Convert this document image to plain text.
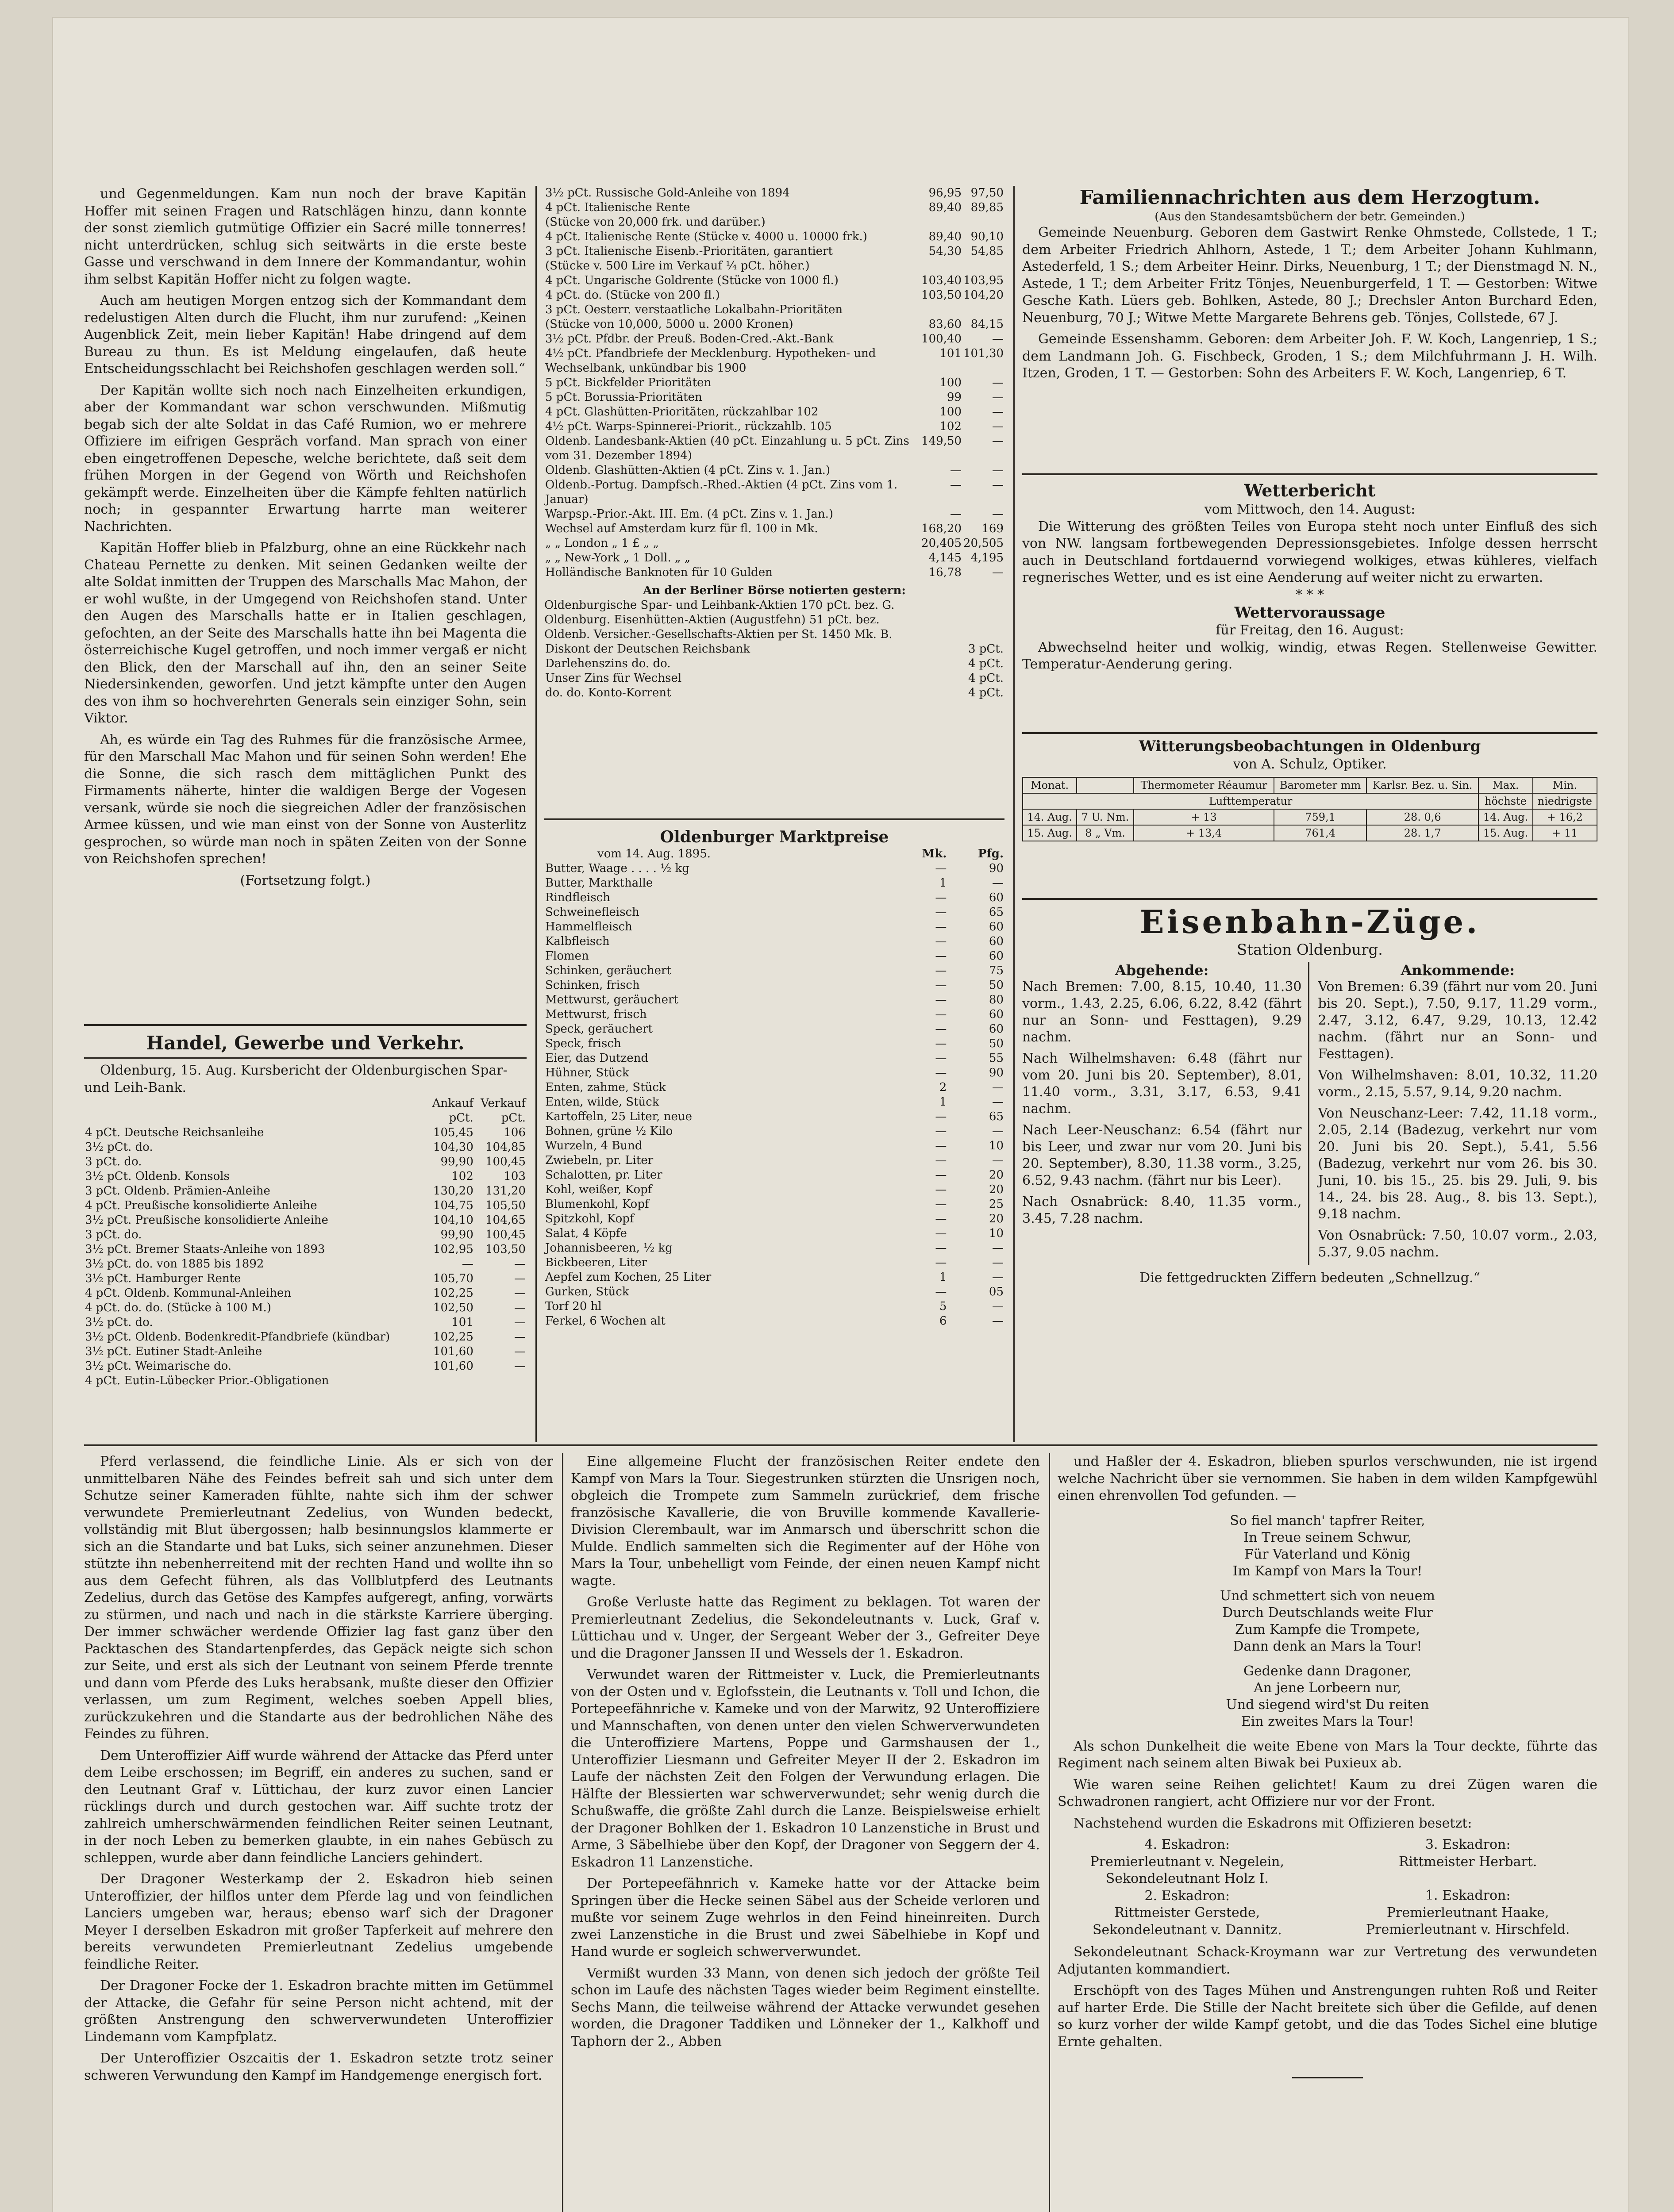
und Gegenmeldungen. Kam nun noch der brave Kapitän Hoffer mit seinen Fragen und Ratschlägen hinzu, dann konnte der sonst ziemlich gutmütige Offizier ein Sacré mille tonnerres! nicht unterdrücken, schlug sich seitwärts in die erste beste Gasse und verschwand in dem Innere der Kommandantur, wohin ihm selbst Kapitän Hoffer nicht zu folgen wagte.

Auch am heutigen Morgen entzog sich der Kommandant dem redelustigen Alten durch die Flucht, ihm nur zurufend: „Keinen Augenblick Zeit, mein lieber Kapitän! Habe dringend auf dem Bureau zu thun. Es ist Meldung eingelaufen, daß heute Entscheidungsschlacht bei Reichshofen geschlagen werden soll.“

Der Kapitän wollte sich noch nach Einzelheiten erkundigen, aber der Kommandant war schon verschwunden. Mißmutig begab sich der alte Soldat in das Café Rumion, wo er mehrere Offiziere im eifrigen Gespräch vorfand. Man sprach von einer eben eingetroffenen Depesche, welche berichtete, daß seit dem frühen Morgen in der Gegend von Wörth und Reichshofen gekämpft werde. Einzelheiten über die Kämpfe fehlten natürlich noch; in gespannter Erwartung harrte man weiterer Nachrichten.

Kapitän Hoffer blieb in Pfalzburg, ohne an eine Rückkehr nach Chateau Pernette zu denken. Mit seinen Gedanken weilte der alte Soldat inmitten der Truppen des Marschalls Mac Mahon, der er wohl wußte, in der Umgegend von Reichshofen stand. Unter den Augen des Marschalls hatte er in Italien geschlagen, gefochten, an der Seite des Marschalls hatte ihn bei Magenta die österreichische Kugel getroffen, und noch immer vergaß er nicht den Blick, den der Marschall auf ihn, den an seiner Seite Niedersinkenden, geworfen. Und jetzt kämpfte unter den Augen des von ihm so hochverehrten Generals sein einziger Sohn, sein Viktor.

Ah, es würde ein Tag des Ruhmes für die französische Armee, für den Marschall Mac Mahon und für seinen Sohn werden! Ehe die Sonne, die sich rasch dem mittäglichen Punkt des Firmaments näherte, hinter die waldigen Berge der Vogesen versank, würde sie noch die siegreichen Adler der französischen Armee küssen, und wie man einst von der Sonne von Austerlitz gesprochen, so würde man noch in späten Zeiten von der Sonne von Reichshofen sprechen!

(Fortsetzung folgt.)
Handel, Gewerbe und Verkehr.
Oldenburg, 15. Aug. Kursbericht der Oldenburgischen Spar- und Leih-Bank.
	Ankauf	Verkauf
	pCt.	pCt.
4 pCt. Deutsche Reichsanleihe	105,45	106
3½ pCt. do.	104,30	104,85
3 pCt. do.	99,90	100,45
3½ pCt. Oldenb. Konsols	102	103
3 pCt. Oldenb. Prämien-Anleihe	130,20	131,20
4 pCt. Preußische konsolidierte Anleihe	104,75	105,50
3½ pCt. Preußische konsolidierte Anleihe	104,10	104,65
3 pCt. do.	99,90	100,45
3½ pCt. Bremer Staats-Anleihe von 1893	102,95	103,50
3½ pCt. do. von 1885 bis 1892	—	—
3½ pCt. Hamburger Rente	105,70	—
4 pCt. Oldenb. Kommunal-Anleihen	102,25	—
4 pCt. do. do. (Stücke à 100 M.)	102,50	—
3½ pCt. do.	101	—
3½ pCt. Oldenb. Bodenkredit-Pfandbriefe (kündbar)	102,25	—
3½ pCt. Eutiner Stadt-Anleihe	101,60	—
3½ pCt. Weimarische do.	101,60	—
4 pCt. Eutin-Lübecker Prior.-Obligationen		
3½ pCt. Russische Gold-Anleihe von 1894	96,95	97,50
4 pCt. Italienische Rente	89,40	89,85
(Stücke von 20,000 frk. und darüber.)		
4 pCt. Italienische Rente (Stücke v. 4000 u. 10000 frk.)	89,40	90,10
3 pCt. Italienische Eisenb.-Prioritäten, garantiert	54,30	54,85
(Stücke v. 500 Lire im Verkauf ¼ pCt. höher.)		
4 pCt. Ungarische Goldrente (Stücke von 1000 fl.)	103,40	103,95
4 pCt. do. (Stücke von 200 fl.)	103,50	104,20
3 pCt. Oesterr. verstaatliche Lokalbahn-Prioritäten		
(Stücke von 10,000, 5000 u. 2000 Kronen)	83,60	84,15
3½ pCt. Pfdbr. der Preuß. Boden-Cred.-Akt.-Bank	100,40	—
4½ pCt. Pfandbriefe der Mecklenburg. Hypotheken- und Wechselbank, unkündbar bis 1900	101	101,30
5 pCt. Bickfelder Prioritäten	100	—
5 pCt. Borussia-Prioritäten	99	—
4 pCt. Glashütten-Prioritäten, rückzahlbar 102	100	—
4½ pCt. Warps-Spinnerei-Priorit., rückzahlb. 105	102	—
Oldenb. Landesbank-Aktien (40 pCt. Einzahlung u. 5 pCt. Zins vom 31. Dezember 1894)	149,50	—
Oldenb. Glashütten-Aktien (4 pCt. Zins v. 1. Jan.)	—	—
Oldenb.-Portug. Dampfsch.-Rhed.-Aktien (4 pCt. Zins vom 1. Januar)	—	—
Warpsp.-Prior.-Akt. III. Em. (4 pCt. Zins v. 1. Jan.)	—	—
Wechsel auf Amsterdam kurz für fl. 100 in Mk.	168,20	169
„ „ London „ 1 £ „ „	20,405	20,505
„ „ New-York „ 1 Doll. „ „	4,145	4,195
Holländische Banknoten für 10 Gulden	16,78	—
An der Berliner Börse notierten gestern:
Oldenburgische Spar- und Leihbank-Aktien 170 pCt. bez. G.
Oldenburg. Eisenhütten-Aktien (Augustfehn) 51 pCt. bez.
Oldenb. Versicher.-Gesellschafts-Aktien per St. 1450 Mk. B.
Diskont der Deutschen Reichsbank	3 pCt.
Darlehenszins do. do.	4 pCt.
Unser Zins für Wechsel	4 pCt.
do. do. Konto-Korrent	4 pCt.
Oldenburger Marktpreise
vom 14. Aug. 1895.	Mk.	Pfg.
Butter, Waage . . . . ½ kg	—	90
Butter, Markthalle	1	—
Rindfleisch	—	60
Schweinefleisch	—	65
Hammelfleisch	—	60
Kalbfleisch	—	60
Flomen	—	60
Schinken, geräuchert	—	75
Schinken, frisch	—	50
Mettwurst, geräuchert	—	80
Mettwurst, frisch	—	60
Speck, geräuchert	—	60
Speck, frisch	—	50
Eier, das Dutzend	—	55
Hühner, Stück	—	90
Enten, zahme, Stück	2	—
Enten, wilde, Stück	1	—
Kartoffeln, 25 Liter, neue	—	65
Bohnen, grüne ½ Kilo	—	—
Wurzeln, 4 Bund	—	10
Zwiebeln, pr. Liter	—	—
Schalotten, pr. Liter	—	20
Kohl, weißer, Kopf	—	20
Blumenkohl, Kopf	—	25
Spitzkohl, Kopf	—	20
Salat, 4 Köpfe	—	10
Johannisbeeren, ½ kg	—	—
Bickbeeren, Liter	—	—
Aepfel zum Kochen, 25 Liter	1	—
Gurken, Stück	—	05
Torf 20 hl	5	—
Ferkel, 6 Wochen alt	6	—
Familiennachrichten aus dem Herzogtum.
(Aus den Standesamtsbüchern der betr. Gemeinden.)

Gemeinde Neuenburg. Geboren dem Gastwirt Renke Ohmstede, Collstede, 1 T.; dem Arbeiter Friedrich Ahlhorn, Astede, 1 T.; dem Arbeiter Johann Kuhlmann, Astederfeld, 1 S.; dem Arbeiter Heinr. Dirks, Neuenburg, 1 T.; der Dienstmagd N. N., Astede, 1 T.; dem Arbeiter Fritz Tönjes, Neuenburgerfeld, 1 T. — Gestorben: Witwe Gesche Kath. Lüers geb. Bohlken, Astede, 80 J.; Drechsler Anton Burchard Eden, Neuenburg, 70 J.; Witwe Mette Margarete Behrens geb. Tönjes, Collstede, 67 J.

Gemeinde Essenshamm. Geboren: dem Arbeiter Joh. F. W. Koch, Langenriep, 1 S.; dem Landmann Joh. G. Fischbeck, Groden, 1 S.; dem Milchfuhrmann J. H. Wilh. Itzen, Groden, 1 T. — Gestorben: Sohn des Arbeiters F. W. Koch, Langenriep, 6 T.

Wetterbericht
vom Mittwoch, den 14. August:

Die Witterung des größten Teiles von Europa steht noch unter Einfluß des sich von NW. langsam fortbewegenden Depressionsgebietes. Infolge dessen herrscht auch in Deutschland fortdauernd vorwiegend wolkiges, etwas kühleres, vielfach regnerisches Wetter, und es ist eine Aenderung auf weiter nicht zu erwarten.

* * *
Wettervoraussage
für Freitag, den 16. August:

Abwechselnd heiter und wolkig, windig, etwas Regen. Stellenweise Gewitter. Temperatur-Aenderung gering.

Witterungsbeobachtungen in Oldenburg
von A. Schulz, Optiker.
Monat.		Thermometer Réaumur	Barometer mm	Karlsr. Bez. u. Sin.	Max.	Min.
Lufttemperatur					höchste	niedrigste
14. Aug.	7 U. Nm.	+ 13	759,1	28. 0,6	14. Aug.	+ 16,2
15. Aug.	8 „ Vm.	+ 13,4	761,4	28. 1,7	15. Aug.	+ 11
Eisenbahn-Züge.
Station Oldenburg.
Abgehende:

Nach Bremen: 7.00, 8.15, 10.40, 11.30 vorm., 1.43, 2.25, 6.06, 6.22, 8.42 (fährt nur an Sonn- und Festtagen), 9.29 nachm.

Nach Wilhelmshaven: 6.48 (fährt nur vom 20. Juni bis 20. September), 8.01, 11.40 vorm., 3.31, 3.17, 6.53, 9.41 nachm.

Nach Leer-Neuschanz: 6.54 (fährt nur bis Leer, und zwar nur vom 20. Juni bis 20. September), 8.30, 11.38 vorm., 3.25, 6.52, 9.43 nachm. (fährt nur bis Leer).

Nach Osnabrück: 8.40, 11.35 vorm., 3.45, 7.28 nachm.

Ankommende:

Von Bremen: 6.39 (fährt nur vom 20. Juni bis 20. Sept.), 7.50, 9.17, 11.29 vorm., 2.47, 3.12, 6.47, 9.29, 10.13, 12.42 nachm. (fährt nur an Sonn- und Festtagen).

Von Wilhelmshaven: 8.01, 10.32, 11.20 vorm., 2.15, 5.57, 9.14, 9.20 nachm.

Von Neuschanz-Leer: 7.42, 11.18 vorm., 2.05, 2.14 (Badezug, verkehrt nur vom 20. Juni bis 20. Sept.), 5.41, 5.56 (Badezug, verkehrt nur vom 26. bis 30. Juni, 10. bis 15., 25. bis 29. Juli, 9. bis 14., 24. bis 28. Aug., 8. bis 13. Sept.), 9.18 nachm.

Von Osnabrück: 7.50, 10.07 vorm., 2.03, 5.37, 9.05 nachm.

Die fettgedruckten Ziffern bedeuten „Schnellzug.“

Pferd verlassend, die feindliche Linie. Als er sich von der unmittelbaren Nähe des Feindes befreit sah und sich unter dem Schutze seiner Kameraden fühlte, nahte sich ihm der schwer verwundete Premierleutnant Zedelius, von Wunden bedeckt, vollständig mit Blut übergossen; halb besinnungslos klammerte er sich an die Standarte und bat Luks, sich seiner anzunehmen. Dieser stützte ihn nebenherreitend mit der rechten Hand und wollte ihn so aus dem Gefecht führen, als das Vollblutpferd des Leutnants Zedelius, durch das Getöse des Kampfes aufgeregt, anfing, vorwärts zu stürmen, und nach und nach in die stärkste Karriere überging. Der immer schwächer werdende Offizier lag fast ganz über den Packtaschen des Standartenpferdes, das Gepäck neigte sich schon zur Seite, und erst als sich der Leutnant von seinem Pferde trennte und dann vom Pferde des Luks herabsank, mußte dieser den Offizier verlassen, um zum Regiment, welches soeben Appell blies, zurückzukehren und die Standarte aus der bedrohlichen Nähe des Feindes zu führen.

Dem Unteroffizier Aiff wurde während der Attacke das Pferd unter dem Leibe erschossen; im Begriff, ein anderes zu suchen, sand er den Leutnant Graf v. Lüttichau, der kurz zuvor einen Lancier rücklings durch und durch gestochen war. Aiff suchte trotz der zahlreich umherschwärmenden feindlichen Reiter seinen Leutnant, in der noch Leben zu bemerken glaubte, in ein nahes Gebüsch zu schleppen, wurde aber dann feindliche Lanciers gehindert.

Der Dragoner Westerkamp der 2. Eskadron hieb seinen Unteroffizier, der hilflos unter dem Pferde lag und von feindlichen Lanciers umgeben war, heraus; ebenso warf sich der Dragoner Meyer I derselben Eskadron mit großer Tapferkeit auf mehrere den bereits verwundeten Premierleutnant Zedelius umgebende feindliche Reiter.

Der Dragoner Focke der 1. Eskadron brachte mitten im Getümmel der Attacke, die Gefahr für seine Person nicht achtend, mit der größten Anstrengung den schwerverwundeten Unteroffizier Lindemann vom Kampfplatz.

Der Unteroffizier Oszcaitis der 1. Eskadron setzte trotz seiner schweren Verwundung den Kampf im Handgemenge energisch fort.

Eine allgemeine Flucht der französischen Reiter endete den Kampf von Mars la Tour. Siegestrunken stürzten die Unsrigen noch, obgleich die Trompete zum Sammeln zurückrief, dem frische französische Kavallerie, die von Bruville kommende Kavallerie-Division Clerembault, war im Anmarsch und überschritt schon die Mulde. Endlich sammelten sich die Regimenter auf der Höhe von Mars la Tour, unbehelligt vom Feinde, der einen neuen Kampf nicht wagte.

Große Verluste hatte das Regiment zu beklagen. Tot waren der Premierleutnant Zedelius, die Sekondeleutnants v. Luck, Graf v. Lüttichau und v. Unger, der Sergeant Weber der 3., Gefreiter Deye und die Dragoner Janssen II und Wessels der 1. Eskadron.

Verwundet waren der Rittmeister v. Luck, die Premierleutnants von der Osten und v. Eglofsstein, die Leutnants v. Toll und Ichon, die Portepeefähnriche v. Kameke und von der Marwitz, 92 Unteroffiziere und Mannschaften, von denen unter den vielen Schwerverwundeten die Unteroffiziere Martens, Poppe und Garmshausen der 1., Unteroffizier Liesmann und Gefreiter Meyer II der 2. Eskadron im Laufe der nächsten Zeit den Folgen der Verwundung erlagen. Die Hälfte der Blessierten war schwerverwundet; sehr wenig durch die Schußwaffe, die größte Zahl durch die Lanze. Beispielsweise erhielt der Dragoner Bohlken der 1. Eskadron 10 Lanzenstiche in Brust und Arme, 3 Säbelhiebe über den Kopf, der Dragoner von Seggern der 4. Eskadron 11 Lanzenstiche.

Der Portepeefähnrich v. Kameke hatte vor der Attacke beim Springen über die Hecke seinen Säbel aus der Scheide verloren und mußte vor seinem Zuge wehrlos in den Feind hineinreiten. Durch zwei Lanzenstiche in die Brust und zwei Säbelhiebe in Kopf und Hand wurde er sogleich schwerverwundet.

Vermißt wurden 33 Mann, von denen sich jedoch der größte Teil schon im Laufe des nächsten Tages wieder beim Regiment einstellte. Sechs Mann, die teilweise während der Attacke verwundet gesehen worden, die Dragoner Taddiken und Lönneker der 1., Kalkhoff und Taphorn der 2., Abben

und Haßler der 4. Eskadron, blieben spurlos verschwunden, nie ist irgend welche Nachricht über sie vernommen. Sie haben in dem wilden Kampfgewühl einen ehrenvollen Tod gefunden. —

So fiel manch' tapfrer Reiter,
In Treue seinem Schwur,
Für Vaterland und König
Im Kampf von Mars la Tour!
Und schmettert sich von neuem
Durch Deutschlands weite Flur
Zum Kampfe die Trompete,
Dann denk an Mars la Tour!
Gedenke dann Dragoner,
An jene Lorbeern nur,
Und siegend wird'st Du reiten
Ein zweites Mars la Tour!

Als schon Dunkelheit die weite Ebene von Mars la Tour deckte, führte das Regiment nach seinem alten Biwak bei Puxieux ab.

Wie waren seine Reihen gelichtet! Kaum zu drei Zügen waren die Schwadronen rangiert, acht Offiziere nur vor der Front.

Nachstehend wurden die Eskadrons mit Offizieren besetzt:

4. Eskadron:
Premierleutnant v. Negelein,
Sekondeleutnant Holz I.
2. Eskadron:
Rittmeister Gerstede,
Sekondeleutnant v. Dannitz.
3. Eskadron:
Rittmeister Herbart.
1. Eskadron:
Premierleutnant Haake,
Premierleutnant v. Hirschfeld.

Sekondeleutnant Schack-Kroymann war zur Vertretung des verwundeten Adjutanten kommandiert.

Erschöpft von des Tages Mühen und Anstrengungen ruhten Roß und Reiter auf harter Erde. Die Stille der Nacht breitete sich über die Gefilde, auf denen so kurz vorher der wilde Kampf getobt, und die das Todes Sichel eine blutige Ernte gehalten.
